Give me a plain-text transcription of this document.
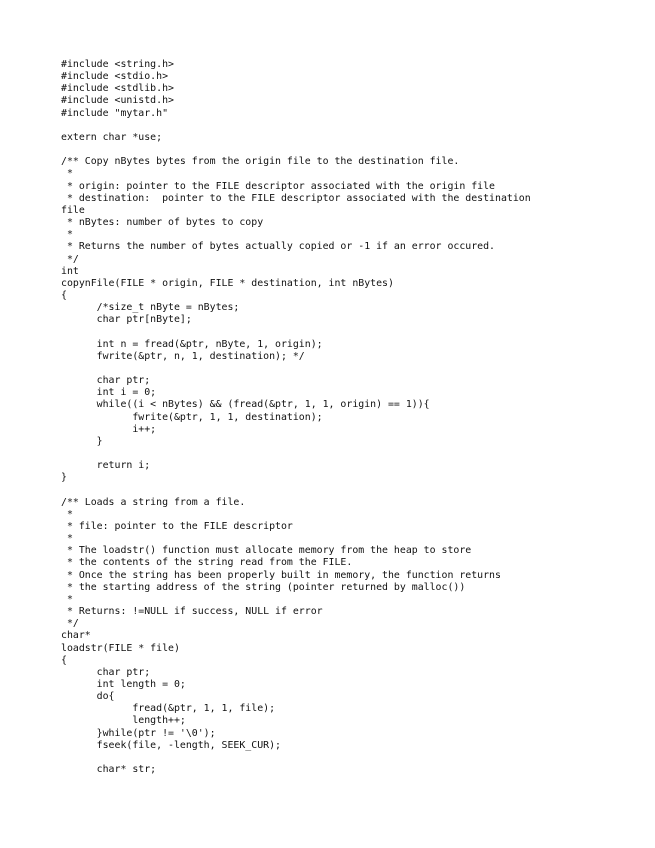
#include <string.h>
#include <stdio.h>
#include <stdlib.h>
#include <unistd.h>
#include "mytar.h"
extern char *use;
/** Copy nBytes bytes from the origin file to the destination file.
*
* origin: pointer to the FILE descriptor associated with the origin file
* destination:  pointer to the FILE descriptor associated with the destination
file
* nBytes: number of bytes to copy
*
* Returns the number of bytes actually copied or -1 if an error occured.
*/
int
copynFile(FILE * origin, FILE * destination, int nBytes)
{
/*size_t nByte = nBytes;
char ptr[nByte];
int n = fread(&ptr, nByte, 1, origin);
fwrite(&ptr, n, 1, destination); */
char ptr;
int i = 0;
while((i < nBytes) && (fread(&ptr, 1, 1, origin) == 1)){
fwrite(&ptr, 1, 1, destination);
i++;
}
return i;
}
/** Loads a string from a file.
*
* file: pointer to the FILE descriptor
*
* The loadstr() function must allocate memory from the heap to store
* the contents of the string read from the FILE.
* Once the string has been properly built in memory, the function returns
* the starting address of the string (pointer returned by malloc())
*
* Returns: !=NULL if success, NULL if error
*/
char*
loadstr(FILE * file)
{
char ptr;
int length = 0;
do{
fread(&ptr, 1, 1, file);
length++;
}while(ptr != '\0');
fseek(file, -length, SEEK_CUR);
char* str;
